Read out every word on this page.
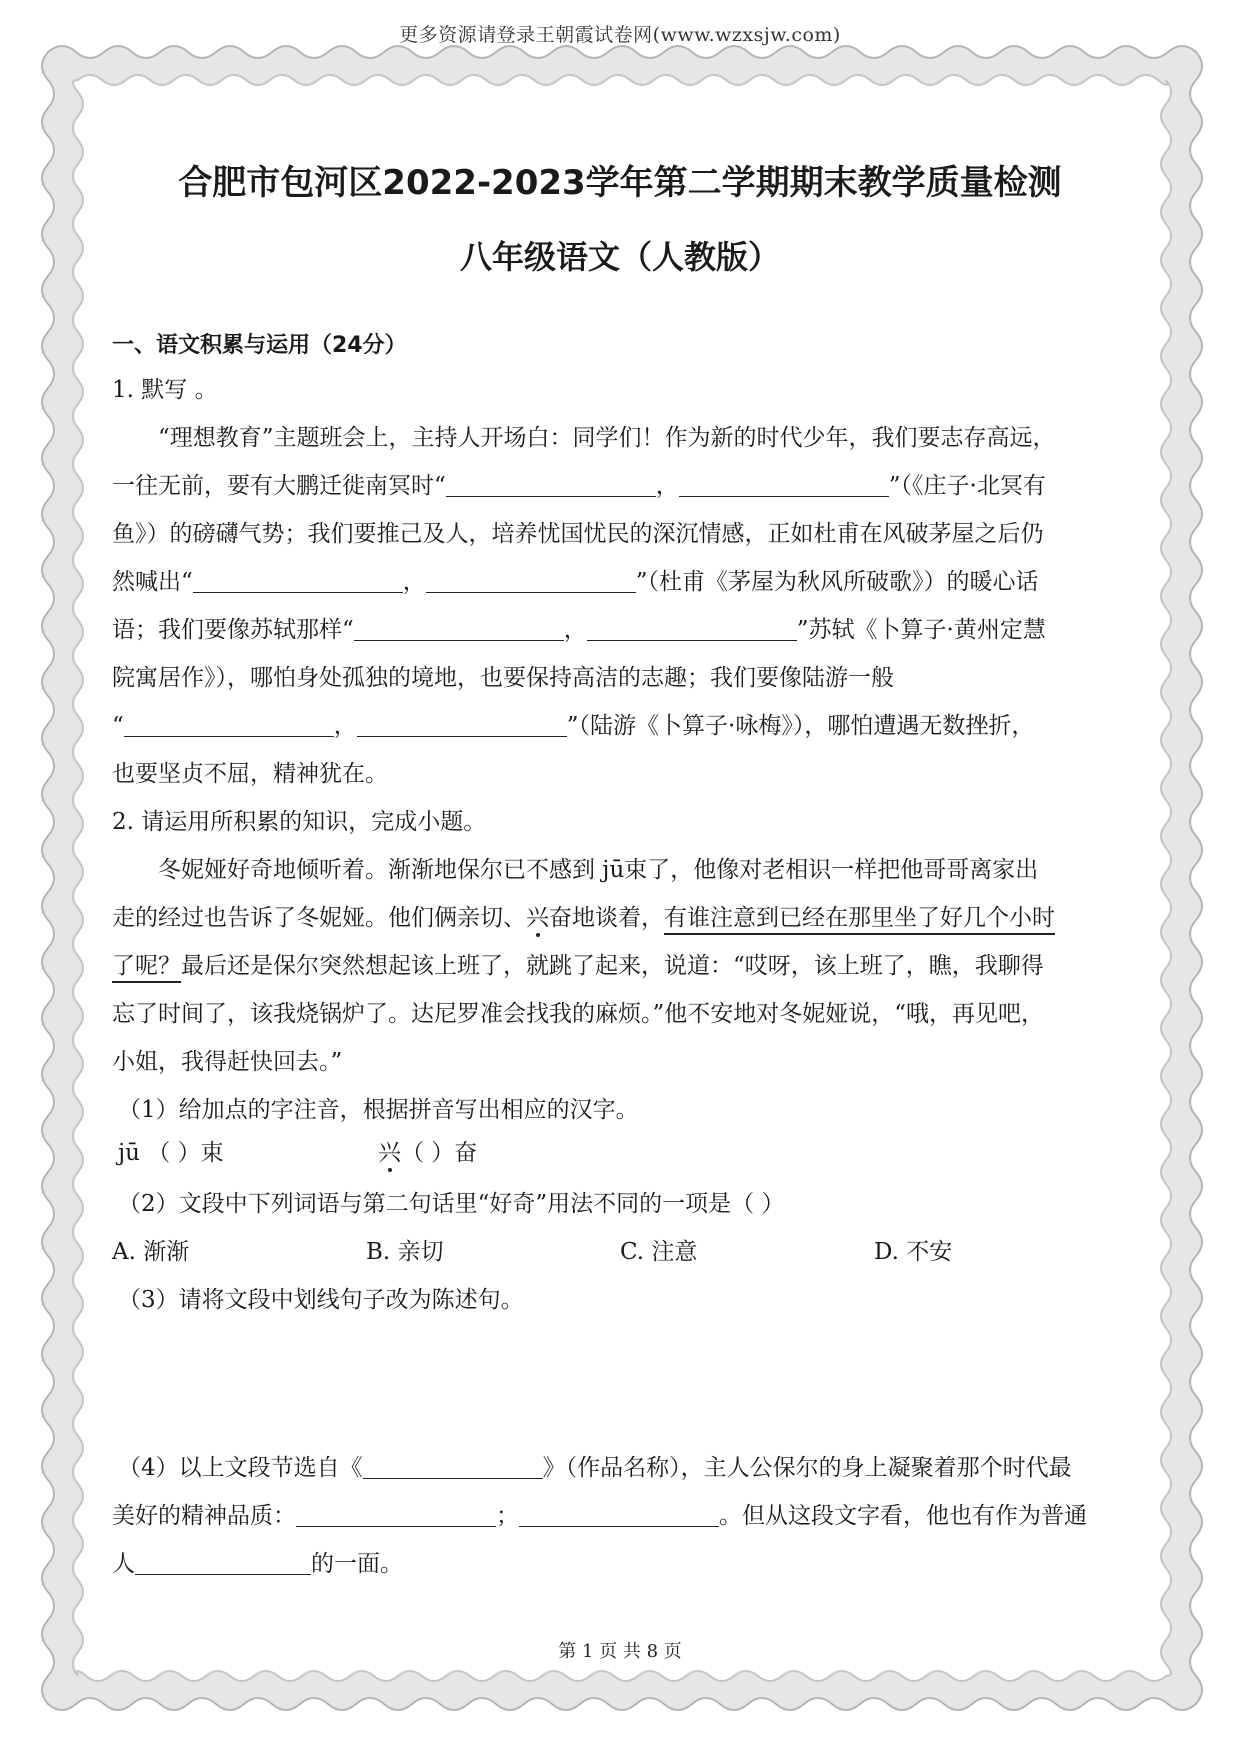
更多资源请登录王朝霞试卷网(www.wzxsjw.com)
合肥市包河区2022-2023学年第二学期期末教学质量检测
八年级语文（人教版）
一、语文积累与运用（24分）

1. 默写 。

“理想教育”主题班会上，主持人开场白：同学们！作为新的时代少年，我们要志存高远，

一往无前，要有大鹏迁徙南冥时“	，	”（《庄子·北冥有

鱼》）的磅礴气势；我们要推己及人，培养忧国忧民的深沉情感，正如杜甫在风破茅屋之后仍

然喊出“	，	”（杜甫《茅屋为秋风所破歌》）的暖心话

语；我们要像苏轼那样“	，	”苏轼《卜算子·黄州定慧

院寓居作》），哪怕身处孤独的境地，也要保持高洁的志趣；我们要像陆游一般

“	，	”（陆游《卜算子·咏梅》），哪怕遭遇无数挫折，

也要坚贞不屈，精神犹在。

2. 请运用所积累的知识，完成小题。

冬妮娅好奇地倾听着。渐渐地保尔已不感到 jū束了，他像对老相识一样把他哥哥离家出

走的经过也告诉了冬妮娅。他们俩亲切、兴奋地谈着，有谁注意到已经在那里坐了好几个小时

了呢？最后还是保尔突然想起该上班了，就跳了起来，说道：“哎呀，该上班了，瞧，我聊得

忘了时间了，该我烧锅炉了。达尼罗准会找我的麻烦。”他不安地对冬妮娅说，“哦，再见吧，

小姐，我得赶快回去。”

（1）给加点的字注音，根据拼音写出相应的汉字。

jū （ ）束	兴（ ）奋

（2）文段中下列词语与第二句话里“好奇”用法不同的一项是（ ）

A. 渐渐	B. 亲切	C. 注意	D. 不安

（3）请将文段中划线句子改为陈述句。

（4）以上文段节选自《	》（作品名称），主人公保尔的身上凝聚着那个时代最

美好的精神品质：	；	。但从这段文字看，他也有作为普通

人	的一面。

第 1 页 共 8 页
